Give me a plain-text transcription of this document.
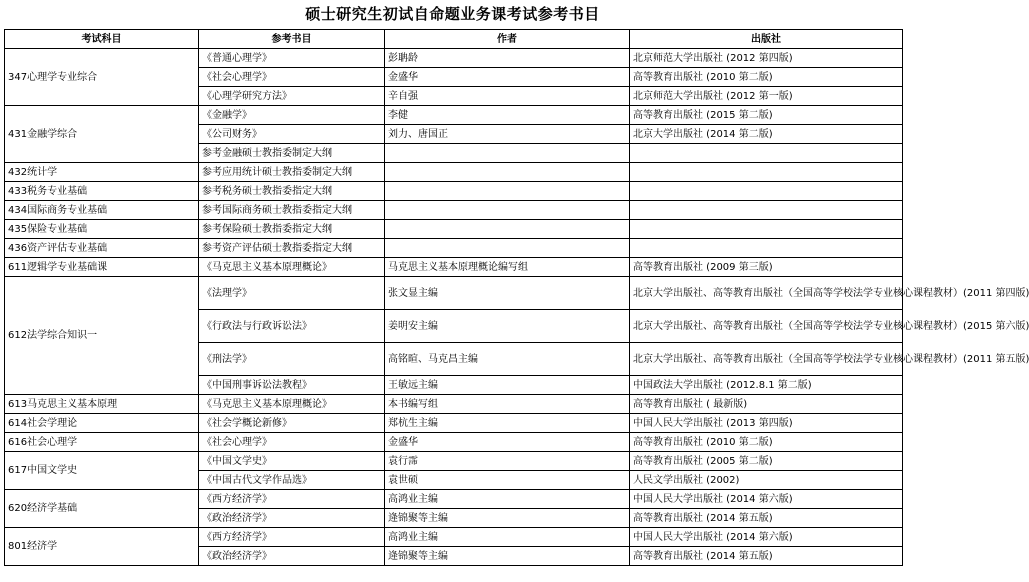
硕士研究生初试自命题业务课考试参考书目
考试科目	参考书目	作者	出版社
347心理学专业综合	《普通心理学》	彭聃龄	北京师范大学出版社 (2012 第四版)
	《社会心理学》	金盛华	高等教育出版社 (2010 第二版)
	《心理学研究方法》	辛自强	北京师范大学出版社 (2012 第一版)
431金融学综合	《金融学》	李健	高等教育出版社 (2015 第二版)
	《公司财务》	刘力、唐国正	北京大学出版社 (2014 第二版)
	参考金融硕士教指委制定大纲		
432统计学	参考应用统计硕士教指委制定大纲		
433税务专业基础	参考税务硕士教指委指定大纲		
434国际商务专业基础	参考国际商务硕士教指委指定大纲		
435保险专业基础	参考保险硕士教指委指定大纲		
436资产评估专业基础	参考资产评估硕士教指委指定大纲		
611逻辑学专业基础课	《马克思主义基本原理概论》	马克思主义基本原理概论编写组	高等教育出版社 (2009 第三版)
612法学综合知识一	《法理学》	张文显主编	北京大学出版社、高等教育出版社（全国高等学校法学专业核心课程教材）(2011 第四版)
	《行政法与行政诉讼法》	姜明安主编	北京大学出版社、高等教育出版社（全国高等学校法学专业核心课程教材）(2015 第六版)
	《刑法学》	高铭暄、马克昌主编	北京大学出版社、高等教育出版社（全国高等学校法学专业核心课程教材）(2011 第五版)
	《中国刑事诉讼法教程》	王敏远主编	中国政法大学出版社 (2012.8.1 第二版)
613马克思主义基本原理	《马克思主义基本原理概论》	本书编写组	高等教育出版社 ( 最新版)
614社会学理论	《社会学概论新修》	郑杭生主编	中国人民大学出版社 (2013 第四版)
616社会心理学	《社会心理学》	金盛华	高等教育出版社 (2010 第二版)
617中国文学史	《中国文学史》	袁行霈	高等教育出版社 (2005 第二版)
	《中国古代文学作品选》	袁世硕	人民文学出版社 (2002)
620经济学基础	《西方经济学》	高鸿业主编	中国人民大学出版社 (2014 第六版)
	《政治经济学》	逄锦聚等主编	高等教育出版社 (2014 第五版)
801经济学	《西方经济学》	高鸿业主编	中国人民大学出版社 (2014 第六版)
	《政治经济学》	逄锦聚等主编	高等教育出版社 (2014 第五版)
